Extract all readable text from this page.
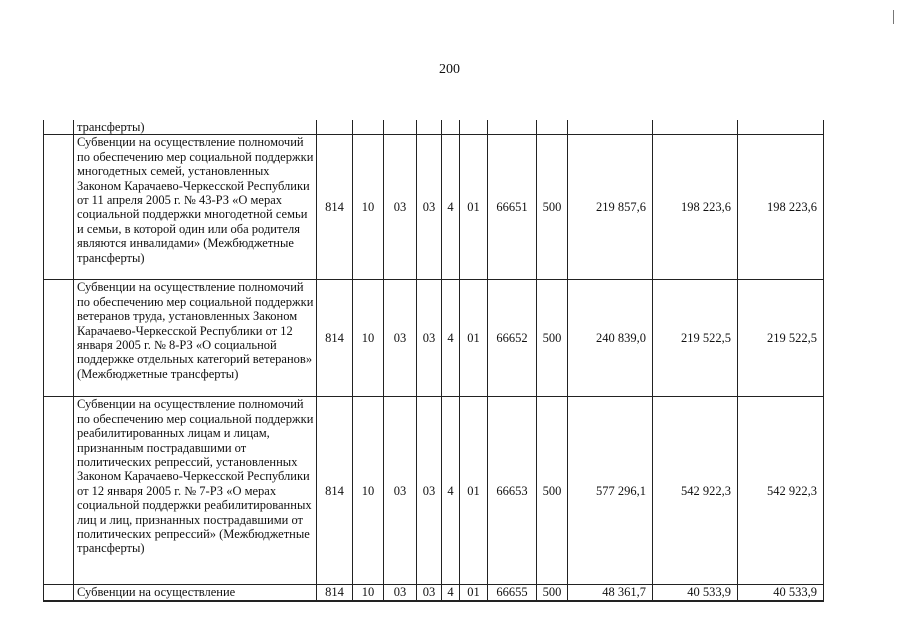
200
	трансферты)											
	Субвенции на осуществление полномочий по обеспечению мер социальной поддержки многодетных семей, установленных Законом Карачаево-Черкесской Республики от 11 апреля 2005 г. № 43-РЗ «О мерах социальной поддержки многодетной семьи и семьи, в которой один или оба родителя являются инвалидами» (Межбюджетные трансферты)	814	10	03	03	4	01	66651	500	219 857,6	198 223,6	198 223,6
	Субвенции на осуществление полномочий по обеспечению мер социальной поддержки ветеранов труда, установленных Законом Карачаево-Черкесской Республики от 12 января 2005 г. № 8-РЗ «О социальной поддержке отдельных категорий ветеранов» (Межбюджетные трансферты)	814	10	03	03	4	01	66652	500	240 839,0	219 522,5	219 522,5
	Субвенции на осуществление полномочий по обеспечению мер социальной поддержки реабилитированных лицам и лицам, признанным пострадавшими от политических репрессий, установленных Законом Карачаево-Черкесской Республики от 12 января 2005 г. № 7-РЗ «О мерах социальной поддержки реабилитированных лиц и лиц, признанных пострадавшими от политических репрессий» (Межбюджетные трансферты)	814	10	03	03	4	01	66653	500	577 296,1	542 922,3	542 922,3
	Субвенции на осуществление	814	10	03	03	4	01	66655	500	48 361,7	40 533,9	40 533,9
